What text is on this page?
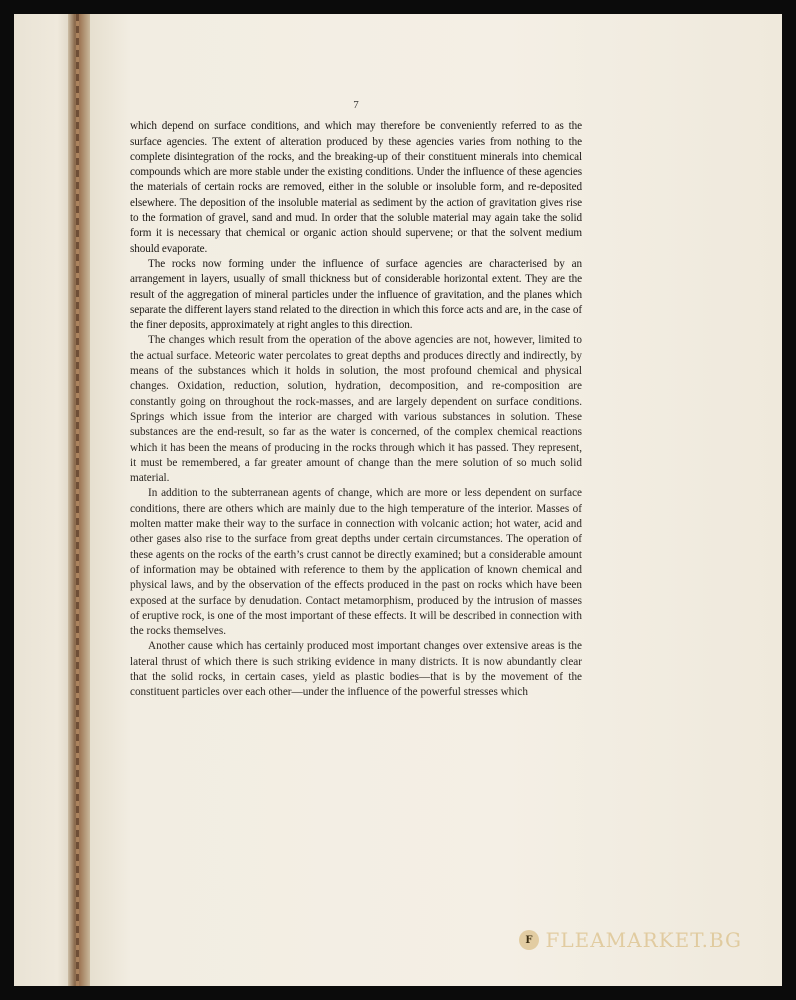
7

which depend on surface conditions, and which may therefore be conveniently referred to as the surface agencies. The extent of alteration produced by these agencies varies from nothing to the complete disintegration of the rocks, and the breaking-up of their constituent minerals into chemical compounds which are more stable under the existing conditions. Under the influence of these agencies the materials of certain rocks are removed, either in the soluble or insoluble form, and re-deposited elsewhere. The deposition of the insoluble material as sediment by the action of gravitation gives rise to the formation of gravel, sand and mud. In order that the soluble material may again take the solid form it is necessary that chemical or organic action should supervene; or that the solvent medium should evaporate.

The rocks now forming under the influence of surface agencies are characterised by an arrangement in layers, usually of small thickness but of considerable horizontal extent. They are the result of the aggregation of mineral particles under the influence of gravitation, and the planes which separate the different layers stand related to the direction in which this force acts and are, in the case of the finer deposits, approximately at right angles to this direction.

The changes which result from the operation of the above agencies are not, however, limited to the actual surface. Meteoric water percolates to great depths and produces directly and indirectly, by means of the substances which it holds in solution, the most profound chemical and physical changes. Oxidation, reduction, solution, hydration, decomposition, and re-composition are constantly going on throughout the rock-masses, and are largely dependent on surface conditions. Springs which issue from the interior are charged with various substances in solution. These substances are the end-result, so far as the water is concerned, of the complex chemical reactions which it has been the means of producing in the rocks through which it has passed. They represent, it must be remembered, a far greater amount of change than the mere solution of so much solid material.

In addition to the subterranean agents of change, which are more or less dependent on surface conditions, there are others which are mainly due to the high temperature of the interior. Masses of molten matter make their way to the surface in connection with volcanic action; hot water, acid and other gases also rise to the surface from great depths under certain circumstances. The operation of these agents on the rocks of the earth’s crust cannot be directly examined; but a considerable amount of information may be obtained with reference to them by the application of known chemical and physical laws, and by the observation of the effects produced in the past on rocks which have been exposed at the surface by denudation. Contact metamorphism, produced by the intrusion of masses of eruptive rock, is one of the most important of these effects. It will be described in connection with the rocks themselves.

Another cause which has certainly produced most important changes over extensive areas is the lateral thrust of which there is such striking evidence in many districts. It is now abundantly clear that the solid rocks, in certain cases, yield as plastic bodies—that is by the movement of the constituent particles over each other—under the influence of the powerful stresses which

F FLEAMARKET.BG
